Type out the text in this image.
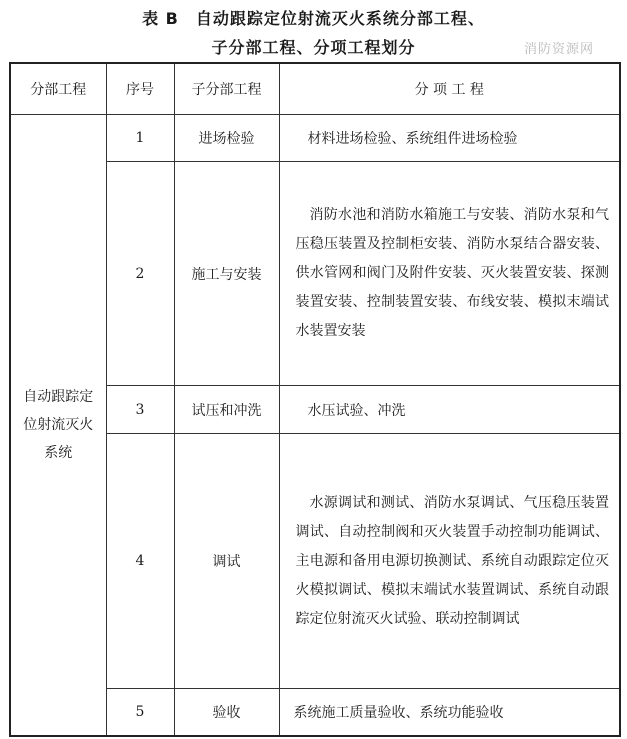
表 B　自动跟踪定位射流灭火系统分部工程、
子分部工程、分项工程划分	消防资源网
分部工程	序号	子分部工程	分 项 工 程
自动跟踪定位射流灭火系统	1	进场检验	材料进场检验、系统组件进场检验
	2	施工与安装	消防水池和消防水箱施工与安装、消防水泵和气压稳压装置及控制柜安装、消防水泵结合器安装、供水管网和阀门及附件安装、灭火装置安装、探测装置安装、控制装置安装、布线安装、模拟末端试水装置安装
	3	试压和冲洗	水压试验、冲洗
	4	调试	水源调试和测试、消防水泵调试、气压稳压装置调试、自动控制阀和灭火装置手动控制功能调试、主电源和备用电源切换测试、系统自动跟踪定位灭火模拟调试、模拟末端试水装置调试、系统自动跟踪定位射流灭火试验、联动控制调试
	5	验收	系统施工质量验收、系统功能验收
